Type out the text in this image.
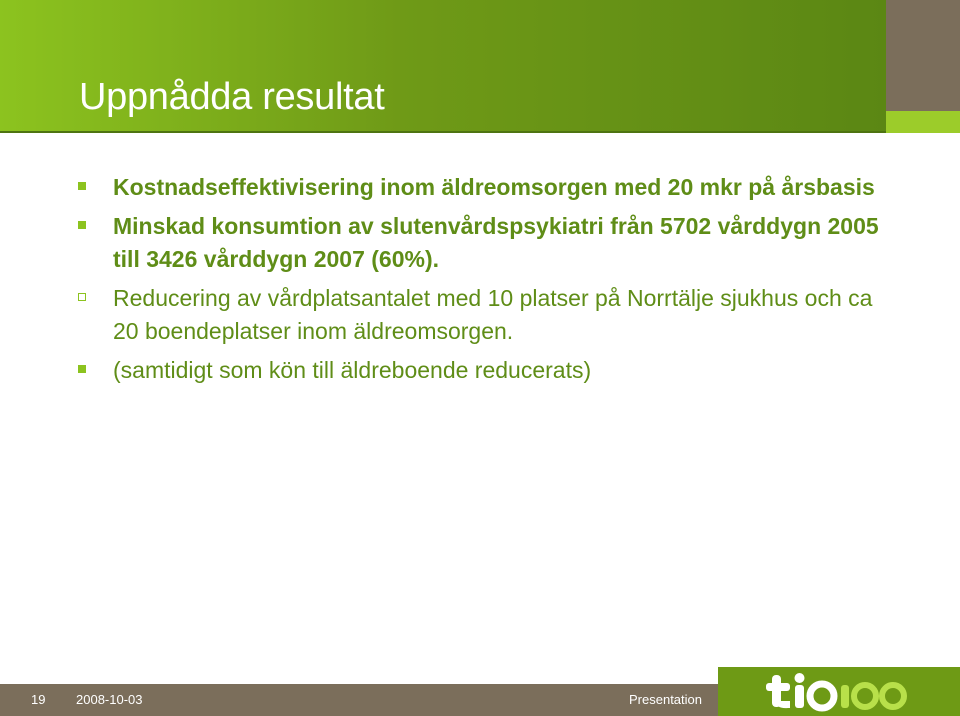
Uppnådda resultat
Kostnadseffektivisering inom äldreomsorgen med 20 mkr på årsbasis
Minskad konsumtion av slutenvårdspsykiatri från 5702 vårddygn 2005 till 3426 vårddygn 2007 (60%).
Reducering av vårdplatsantalet med 10 platser på Norrtälje sjukhus och ca 20 boendeplatser inom äldreomsorgen.
(samtidigt som kön till äldreboende reducerats)
19 2008-10-03	Presentation
